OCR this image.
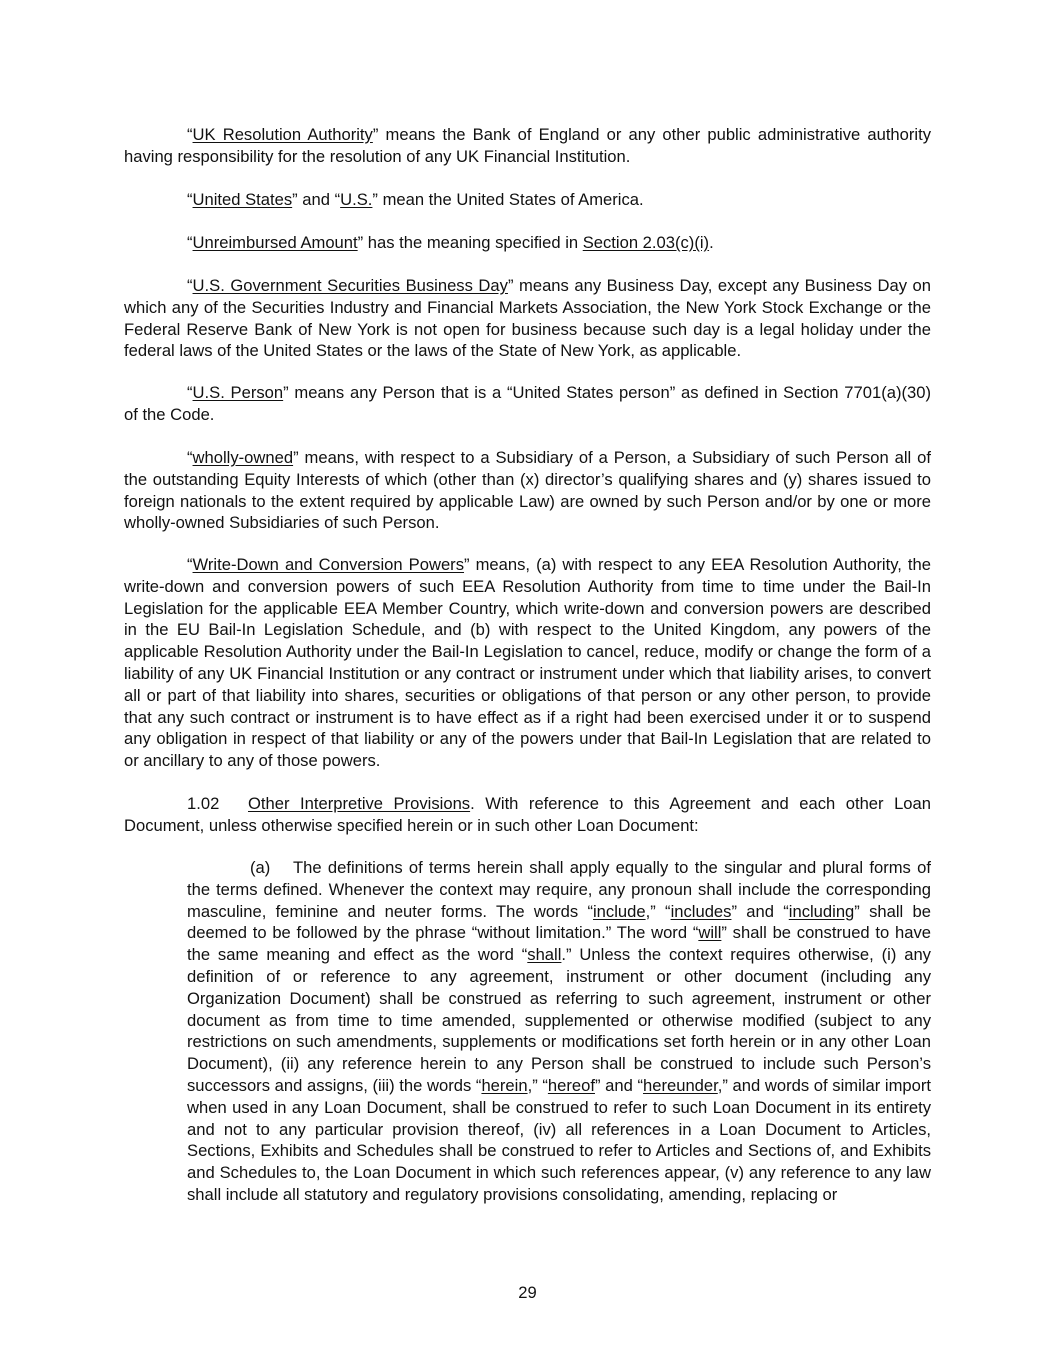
“UK Resolution Authority” means the Bank of England or any other public administrative authority having responsibility for the resolution of any UK Financial Institution.

“United States” and “U.S.” mean the United States of America.

“Unreimbursed Amount” has the meaning specified in Section 2.03(c)(i).

“U.S. Government Securities Business Day” means any Business Day, except any Business Day on which any of the Securities Industry and Financial Markets Association, the New York Stock Exchange or the Federal Reserve Bank of New York is not open for business because such day is a legal holiday under the federal laws of the United States or the laws of the State of New York, as applicable.

“U.S. Person” means any Person that is a “United States person” as defined in Section 7701(a)(30) of the Code.

“wholly-owned” means, with respect to a Subsidiary of a Person, a Subsidiary of such Person all of the outstanding Equity Interests of which (other than (x) director’s qualifying shares and (y) shares issued to foreign nationals to the extent required by applicable Law) are owned by such Person and/or by one or more wholly-owned Subsidiaries of such Person.

“Write-Down and Conversion Powers” means, (a) with respect to any EEA Resolution Authority, the write-down and conversion powers of such EEA Resolution Authority from time to time under the Bail-In Legislation for the applicable EEA Member Country, which write-down and conversion powers are described in the EU Bail-In Legislation Schedule, and (b) with respect to the United Kingdom, any powers of the applicable Resolution Authority under the Bail-In Legislation to cancel, reduce, modify or change the form of a liability of any UK Financial Institution or any contract or instrument under which that liability arises, to convert all or part of that liability into shares, securities or obligations of that person or any other person, to provide that any such contract or instrument is to have effect as if a right had been exercised under it or to suspend any obligation in respect of that liability or any of the powers under that Bail-In Legislation that are related to or ancillary to any of those powers.

1.02 Other Interpretive Provisions. With reference to this Agreement and each other Loan Document, unless otherwise specified herein or in such other Loan Document:

(a) The definitions of terms herein shall apply equally to the singular and plural forms of the terms defined. Whenever the context may require, any pronoun shall include the corresponding masculine, feminine and neuter forms. The words “include,” “includes” and “including” shall be deemed to be followed by the phrase “without limitation.” The word “will” shall be construed to have the same meaning and effect as the word “shall.” Unless the context requires otherwise, (i) any definition of or reference to any agreement, instrument or other document (including any Organization Document) shall be construed as referring to such agreement, instrument or other document as from time to time amended, supplemented or otherwise modified (subject to any restrictions on such amendments, supplements or modifications set forth herein or in any other Loan Document), (ii) any reference herein to any Person shall be construed to include such Person’s successors and assigns, (iii) the words “herein,” “hereof” and “hereunder,” and words of similar import when used in any Loan Document, shall be construed to refer to such Loan Document in its entirety and not to any particular provision thereof, (iv) all references in a Loan Document to Articles, Sections, Exhibits and Schedules shall be construed to refer to Articles and Sections of, and Exhibits and Schedules to, the Loan Document in which such references appear, (v) any reference to any law shall include all statutory and regulatory provisions consolidating, amending, replacing or

29
